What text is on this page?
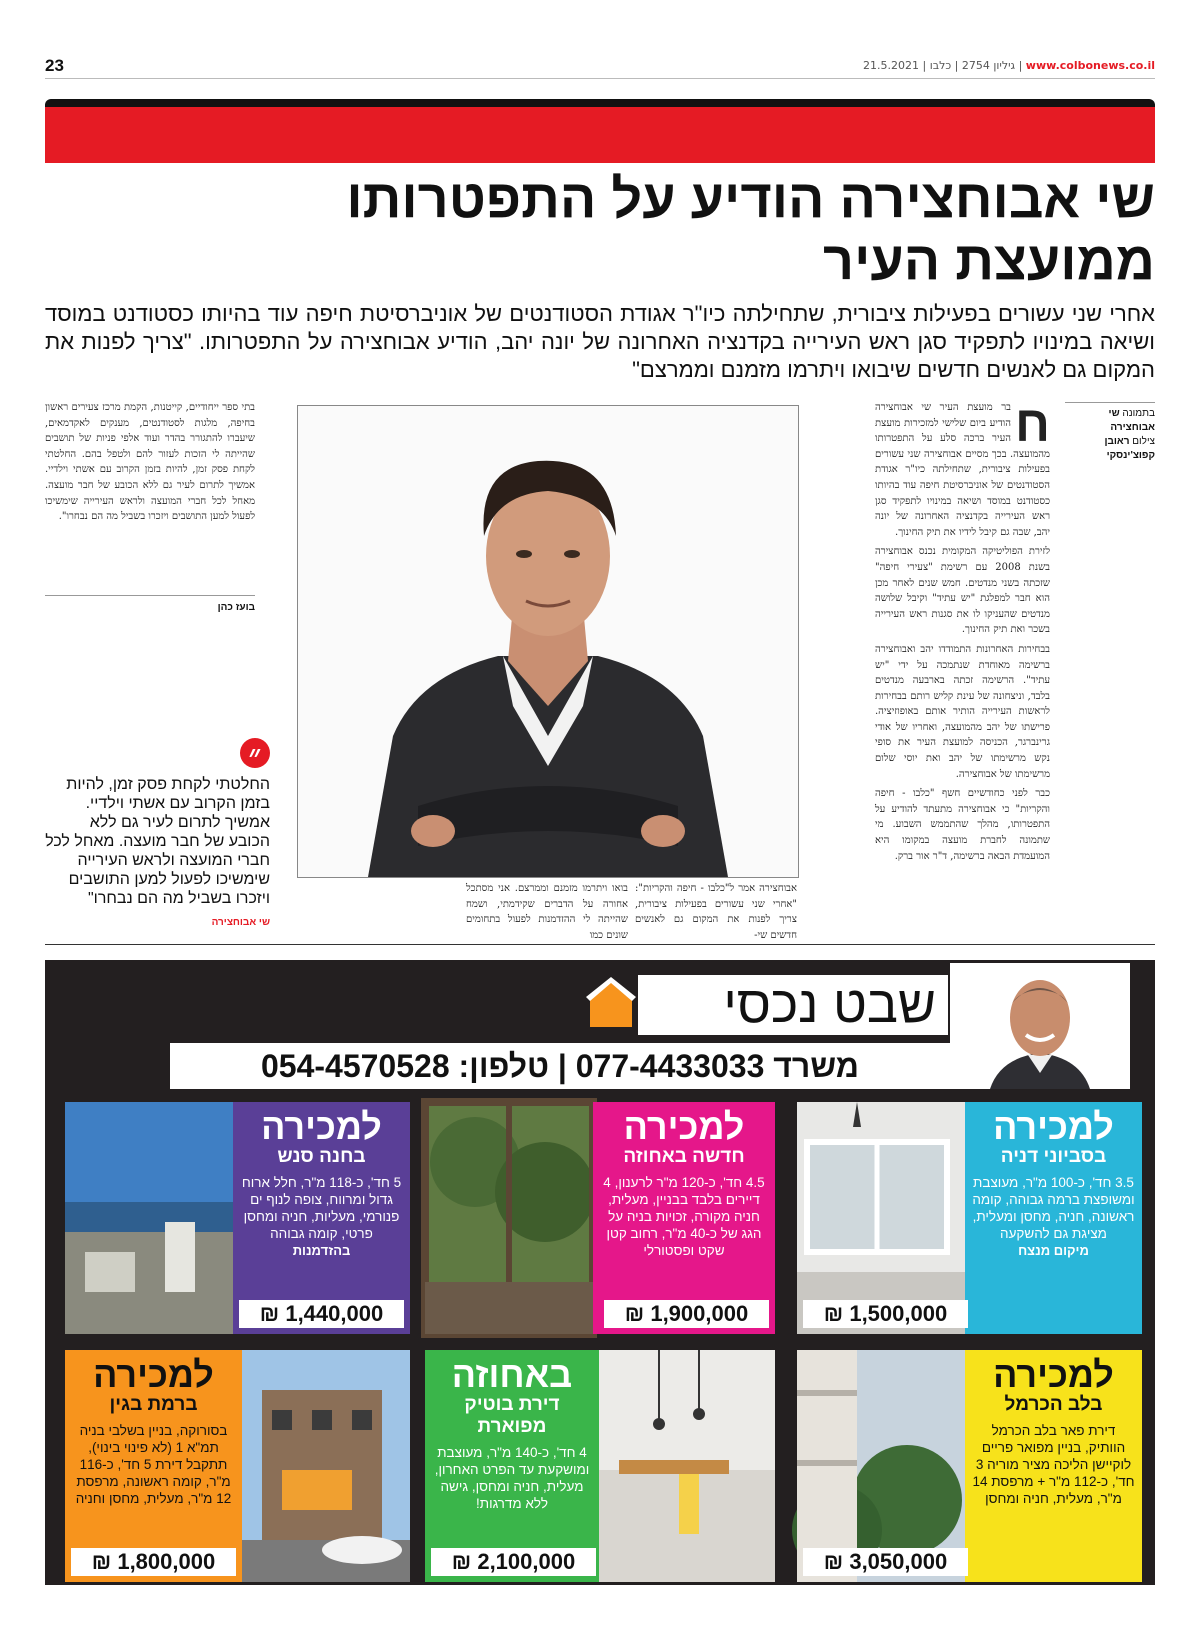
23	21.5.2021 |	גיליון 2754 | כלבו	| www.colbonews.co.il
שי אבוחצירה הודיע על התפטרותו
ממועצת העיר
אחרי שני עשורים בפעילות ציבורית, שתחילתה כיו"ר אגודת הסטודנטים של אוניברסיטת חיפה עוד בהיותו כסטודנט במוסד ושיאה במינויו לתפקיד סגן ראש העירייה בקדנציה האחרונה של יונה יהב, הודיע אבוחצירה על התפטרותו. "צריך לפנות את המקום גם לאנשים חדשים שיבואו ויתרמו מזמנם וממרצם"
בתמונה שי אבוחצירה
צילום ראובן קפוצ'ינסקי
ח

בר מועצת העיר שי אבוחצירה הודיע ביום שלישי למזכירות מועצת העיר ברכה סלע על התפטרותו מהמועצה. בכך מסיים אבוחצירה שני עשורים בפעילות ציבורית, שתחילתה כיו"ר אגודת הסטודנטים של אוניברסיטת חיפה עוד בהיותו כסטודנט במוסד ושיאה במינויו לתפקיד סגן ראש העירייה בקדנציה האחרונה של יונה יהב, שבה גם קיבל לידיו את תיק החינוך.

לזירת הפוליטיקה המקומית נכנס אבוחצירה בשנת 2008 עם רשימת "צעירי חיפה" שזכתה בשני מנדטים. חמש שנים לאחר מכן הוא חבר למפלגת "יש עתיד" וקיבל שלושה מנדטים שהעניקו לו את סגנות ראש העירייה בשכר ואת תיק החינוך.

בבחירות האחרונות התמודדו יהב ואבוחצירה ברשימה מאוחדת שנתמכה על ידי "יש עתיד". הרשימה זכתה בארבעה מנדטים בלבד, וניצחונה של עינת קליש רותם בבחירות לראשות העירייה הותיר אותם באופוזיציה. פרישתו של יהב מהמועצה, ואחריו של אודי גרינברגר, הכניסה למועצת העיר את סופי נקש מרשימתו של יהב ואת יוסי שלום מרשימתו של אבוחצירה.

כבר לפני כחודשיים חשף "כלבו - חיפה והקריות" כי אבוחצירה מתעתד להודיע על התפטרותו, מהלך שהתממש השבוע. מי שתמונה לחברת מועצה במקומו היא המועמדת הבאה ברשימה, ד"ר אור ברק.

בתי ספר ייחודיים, קייטנות, הקמת מרכז צעירים ראשון בחיפה, מלגות לסטודנטים, מענקים לאקדמאים, שיעברו להתגורר בהדר ועוד אלפי פניות של תושבים שהייתה לי הזכות לעזור להם ולטפל בהם. החלטתי לקחת פסק זמן, להיות בזמן הקרוב עם אשתי וילדיי. אמשיך לתרום לעיר גם ללא הכובע של חבר מועצה. מאחל לכל חברי המועצה ולראש העירייה שימשיכו לפעול למען התושבים ויזכרו בשביל מה הם נבחרו".
בועז כהן
״
החלטתי לקחת פסק זמן, להיות בזמן הקרוב עם אשתי וילדיי. אמשיך לתרום לעיר גם ללא הכובע של חבר מועצה. מאחל לכל חברי המועצה ולראש העירייה שימשיכו לפעול למען התושבים ויזכרו בשביל מה הם נבחרו"
שי אבוחצירה
אבוחצירה אמר ל"כלבו - חיפה והקריות": "אחרי שני עשורים בפעילות ציבורית, צריך לפנות את המקום גם לאנשים חדשים שי-
בואו ויתרמו מזמנם וממרצם. אני מסתכל אחורה על הדברים שקידמתי, ושמח שהייתה לי ההזדמנות לפעול בתחומים שונים כמו
שבט נכסי
משרד 077-4433033 | טלפון: 054-4570528
למכירה
בסביוני דניה
3.5 חד', כ-100 מ"ר, מעוצבת ומשופצת ברמה גבוהה, קומה ראשונה, חניה, מחסן ומעלית, מציגת גם להשקעה
מיקום מנצח
₪ 1,500,000
למכירה
חדשה באחוזה
4.5 חד', כ-120 מ"ר לרענון, 4 דיירים בלבד בבניין, מעלית, חניה מקורה, זכויות בניה על הגג של כ-40 מ"ר, רחוב קטן שקט ופסטורלי
₪ 1,900,000
למכירה
בחנה סנש
5 חד', כ-118 מ"ר, חלל ארוח גדול ומרווח, צופה לנוף ים פנורמי, מעליות, חניה ומחסן פרטי, קומה גבוהה
בהזדמנות
₪ 1,440,000
למכירה
בלב הכרמל
דירת פאר בלב הכרמל הוותיק, בניין מפואר פריים לוקיישן הליכה מציר מוריה 3 חד', כ-112 מ"ר + מרפסת 14 מ"ר, מעלית, חניה ומחסן
₪ 3,050,000
באחוזה
דירת בוטיק מפוארת
4 חד', כ-140 מ"ר, מעוצבת ומושקעת עד הפרט האחרון, מעלית, חניה ומחסן, גישה ללא מדרגות!
₪ 2,100,000
למכירה
ברמת בגין
בסורוקה, בניין בשלבי בניה תמ"א 1 (לא פינוי בינוי), תתקבל דירת 5 חד', כ-116 מ"ר, קומה ראשונה, מרפסת 12 מ"ר, מעלית, מחסן וחניה
₪ 1,800,000
